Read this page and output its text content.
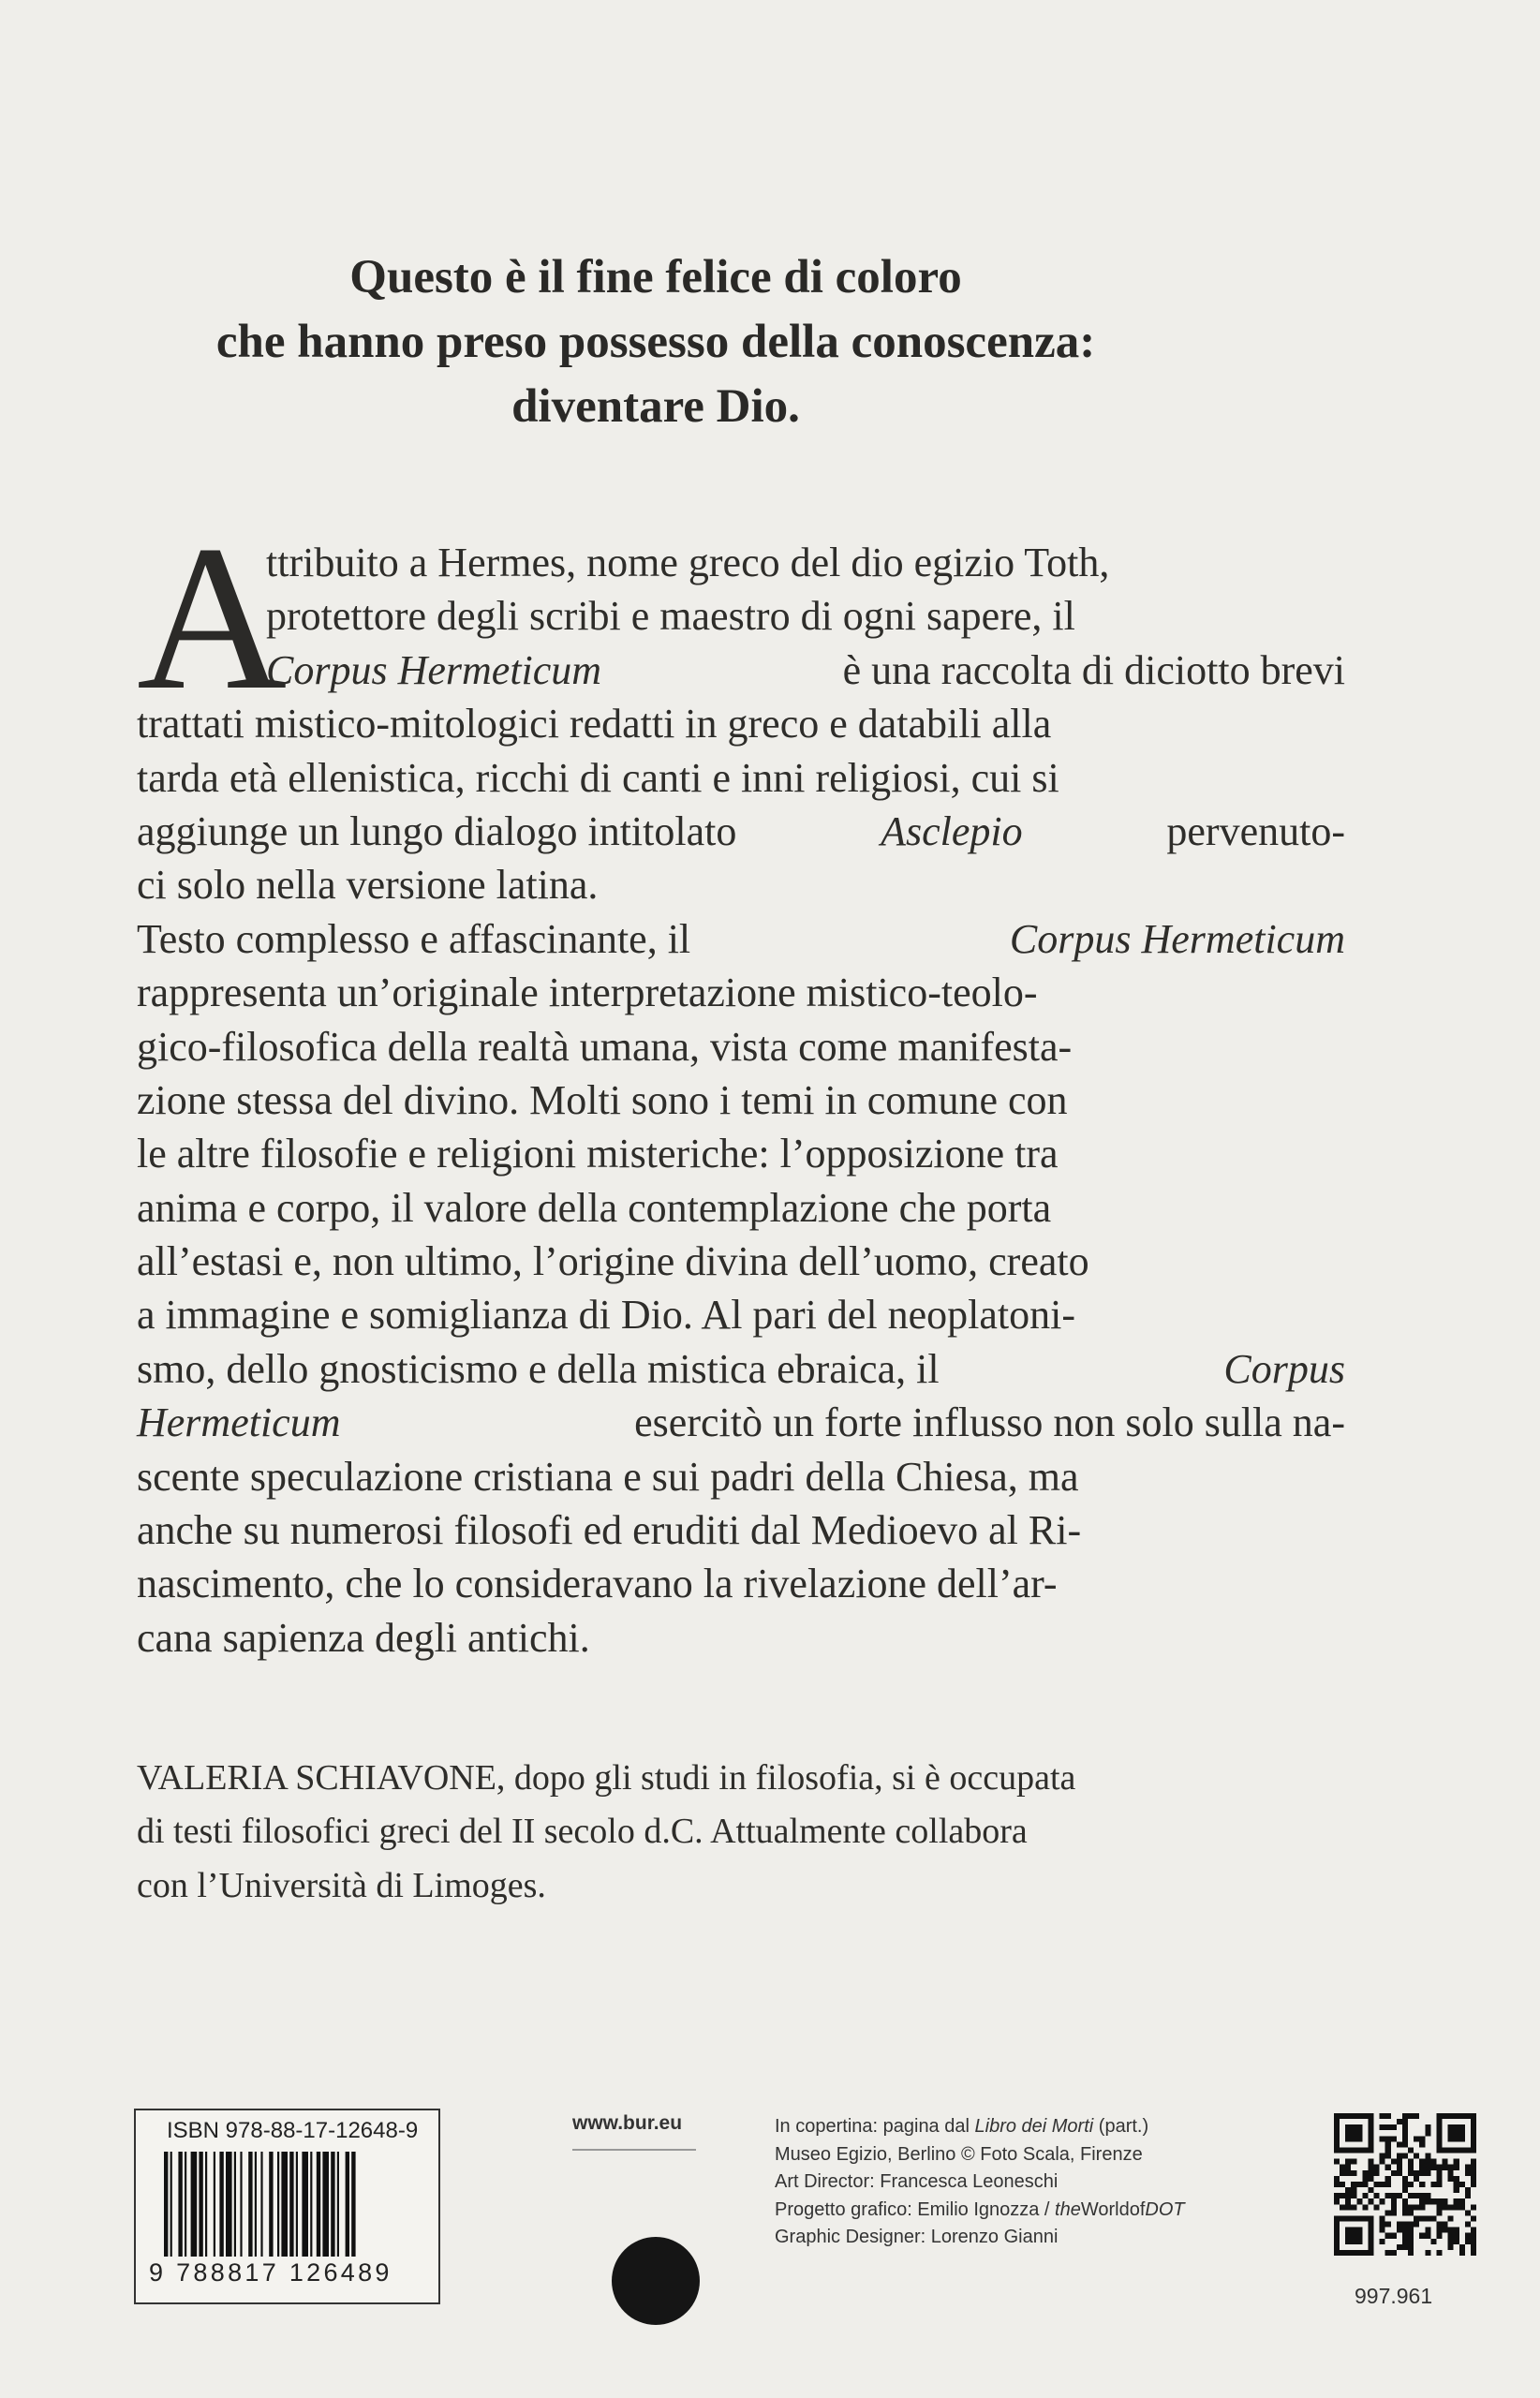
Questo è il fine felice di coloro
che hanno preso possesso della conoscenza:
diventare Dio.
A
ttribuito a Hermes, nome greco del dio egizio Toth,
protettore degli scribi e maestro di ogni sapere, il
Corpus Hermeticum	è una raccolta di diciotto brevi
trattati mistico-mitologici redatti in greco e databili alla
tarda età ellenistica, ricchi di canti e inni religiosi, cui si
aggiunge un lungo dialogo intitolato	Asclepio	pervenuto-
ci solo nella versione latina.
Testo complesso e affascinante, il	Corpus Hermeticum
rappresenta un’originale interpretazione mistico-teolo-
gico-filosofica della realtà umana, vista come manifesta-
zione stessa del divino. Molti sono i temi in comune con
le altre filosofie e religioni misteriche: l’opposizione tra
anima e corpo, il valore della contemplazione che porta
all’estasi e, non ultimo, l’origine divina dell’uomo, creato
a immagine e somiglianza di Dio. Al pari del neoplatoni-
smo, dello gnosticismo e della mistica ebraica, il	Corpus
Hermeticum	esercitò un forte influsso non solo sulla na-
scente speculazione cristiana e sui padri della Chiesa, ma
anche su numerosi filosofi ed eruditi dal Medioevo al Ri-
nascimento, che lo consideravano la rivelazione dell’ar-
cana sapienza degli antichi.
VALERIA SCHIAVONE, dopo gli studi in filosofia, si è occupata
di testi filosofici greci del II secolo d.C. Attualmente collabora
con l’Università di Limoges.
ISBN 978-88-17-12648-9
9 788817 126489
www.bur.eu	In copertina: pagina dal Libro dei Morti (part.)
Museo Egizio, Berlino © Foto Scala, Firenze
Art Director: Francesca Leoneschi
Progetto grafico: Emilio Ignozza / theWorldofDOT
Graphic Designer: Lorenzo Gianni
997.961
